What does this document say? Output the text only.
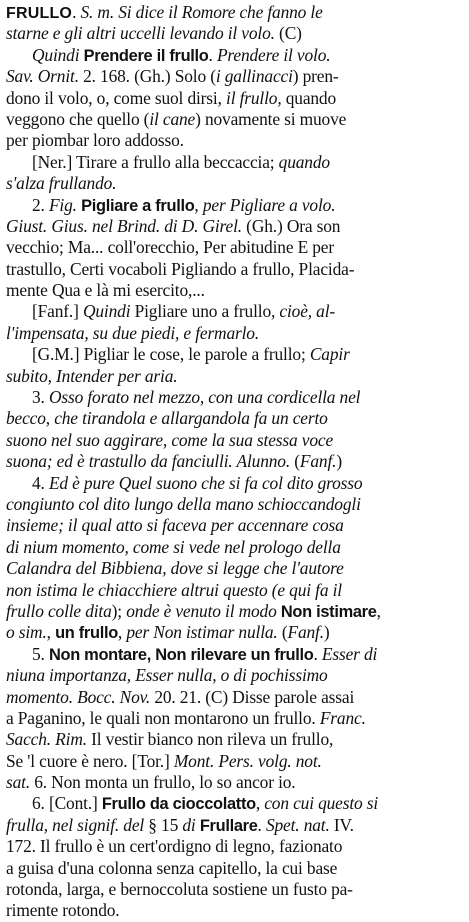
FRULLO. S. m. Si dice il Romore che fanno le
starne e gli altri uccelli levando il volo. (C)
Quindi Prendere il frullo. Prendere il volo.
Sav. Ornit. 2. 168. (Gh.) Solo (i gallinacci) pren-
dono il volo, o, come suol dirsi, il frullo, quando
veggono che quello (il cane) novamente si muove
per piombar loro addosso.
[Ner.] Tirare a frullo alla beccaccia; quando
s'alza frullando.
2. Fig. Pigliare a frullo, per Pigliare a volo.
Giust. Gius. nel Brind. di D. Girel. (Gh.) Ora son
vecchio; Ma... coll'orecchio, Per abitudine E per
trastullo, Certi vocaboli Pigliando a frullo, Placida-
mente Qua e là mi esercito,...
[Fanf.] Quindi Pigliare uno a frullo, cioè, al-
l'impensata, su due piedi, e fermarlo.
[G.M.] Pigliar le cose, le parole a frullo; Capir
subito, Intender per aria.
3. Osso forato nel mezzo, con una cordicella nel
becco, che tirandola e allargandola fa un certo
suono nel suo aggirare, come la sua stessa voce
suona; ed è trastullo da fanciulli. Alunno. (Fanf.)
4. Ed è pure Quel suono che si fa col dito grosso
congiunto col dito lungo della mano schioccandogli
insieme; il qual atto si faceva per accennare cosa
di nium momento, come si vede nel prologo della
Calandra del Bibbiena, dove si legge che l'autore
non istima le chiacchiere altrui questo (e qui fa il
frullo colle dita); onde è venuto il modo Non istimare,
o sim., un frullo, per Non istimar nulla. (Fanf.)
5. Non montare, Non rilevare un frullo. Esser di
niuna importanza, Esser nulla, o di pochissimo
momento. Bocc. Nov. 20. 21. (C) Disse parole assai
a Paganino, le quali non montarono un frullo. Franc.
Sacch. Rim. Il vestir bianco non rileva un frullo,
Se 'l cuore è nero. [Tor.] Mont. Pers. volg. not.
sat. 6. Non monta un frullo, lo so ancor io.
6. [Cont.] Frullo da cioccolatto, con cui questo si
frulla, nel signif. del § 15 di Frullare. Spet. nat. IV.
172. Il frullo è un cert'ordigno di legno, fazionato
a guisa d'una colonna senza capitello, la cui base
rotonda, larga, e bernoccoluta sostiene un fusto pa-
rimente rotondo.
